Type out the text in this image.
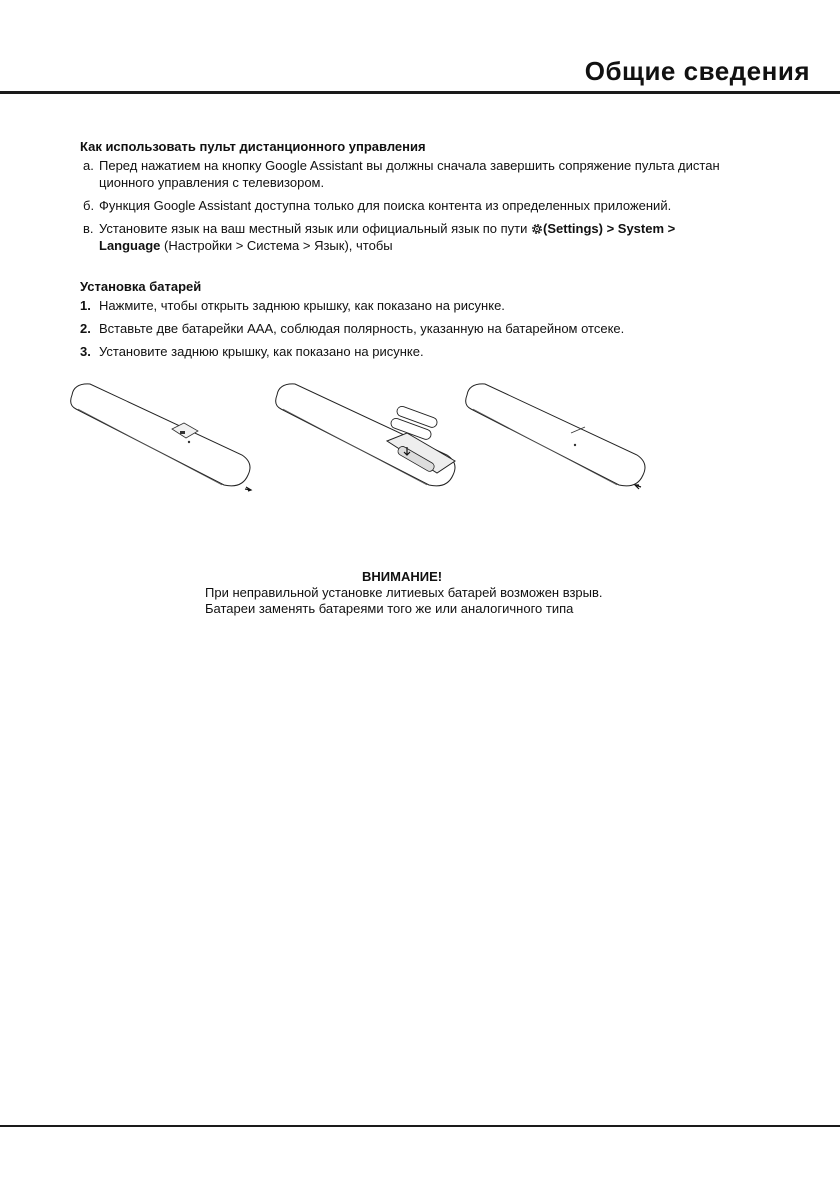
Общие сведения
Как использовать пульт дистанционного управления
а. Перед нажатием на кнопку Google Assistant вы должны сначала завершить сопряжение пульта дистан
ционного управления с телевизором.
б. Функция Google Assistant доступна только для поиска контента из определенных приложений.
в. Установите язык на ваш местный язык или официальный язык по пути (Settings) > System >
Language (Настройки > Система > Язык), чтобы
Установка батарей
1. Нажмите, чтобы открыть заднюю крышку, как показано на рисунке.
2. Вставьте две батарейки ААА, соблюдая полярность, указанную на батарейном отсеке.
3. Установите заднюю крышку, как показано на рисунке.
ВНИМАНИЕ!
При неправильной установке литиевых батарей возможен взрыв.
Батареи заменять батареями того же или аналогичного типа
